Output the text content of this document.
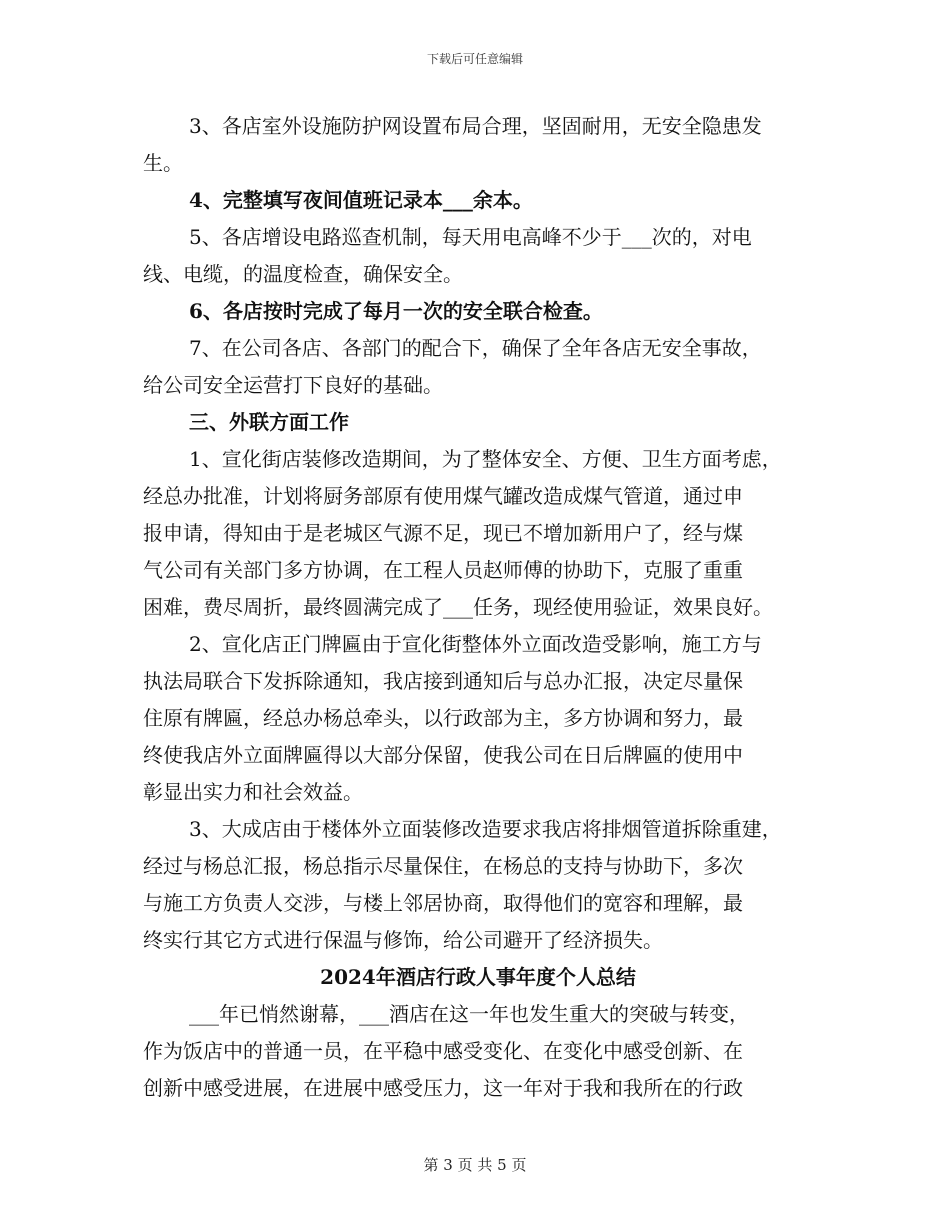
下载后可任意编辑
3、各店室外设施防护网设置布局合理，坚固耐用，无安全隐患发
生。
4、完整填写夜间值班记录本___余本。
5、各店增设电路巡查机制，每天用电高峰不少于___次的，对电
线、电缆，的温度检查，确保安全。
6、各店按时完成了每月一次的安全联合检查。
7、在公司各店、各部门的配合下，确保了全年各店无安全事故，
给公司安全运营打下良好的基础。
三、外联方面工作
1、宣化街店装修改造期间，为了整体安全、方便、卫生方面考虑，
经总办批准，计划将厨务部原有使用煤气罐改造成煤气管道，通过申
报申请，得知由于是老城区气源不足，现已不增加新用户了，经与煤
气公司有关部门多方协调，在工程人员赵师傅的协助下，克服了重重
困难，费尽周折，最终圆满完成了___任务，现经使用验证，效果良好。
2、宣化店正门牌匾由于宣化街整体外立面改造受影响，施工方与
执法局联合下发拆除通知，我店接到通知后与总办汇报，决定尽量保
住原有牌匾，经总办杨总牵头，以行政部为主，多方协调和努力，最
终使我店外立面牌匾得以大部分保留，使我公司在日后牌匾的使用中
彰显出实力和社会效益。
3、大成店由于楼体外立面装修改造要求我店将排烟管道拆除重建，
经过与杨总汇报，杨总指示尽量保住，在杨总的支持与协助下，多次
与施工方负责人交涉，与楼上邻居协商，取得他们的宽容和理解，最
终实行其它方式进行保温与修饰，给公司避开了经济损失。
2024年酒店行政人事年度个人总结
___年已悄然谢幕，___酒店在这一年也发生重大的突破与转变，
作为饭店中的普通一员，在平稳中感受变化、在变化中感受创新、在
创新中感受进展，在进展中感受压力，这一年对于我和我所在的行政
第 3 页 共 5 页
